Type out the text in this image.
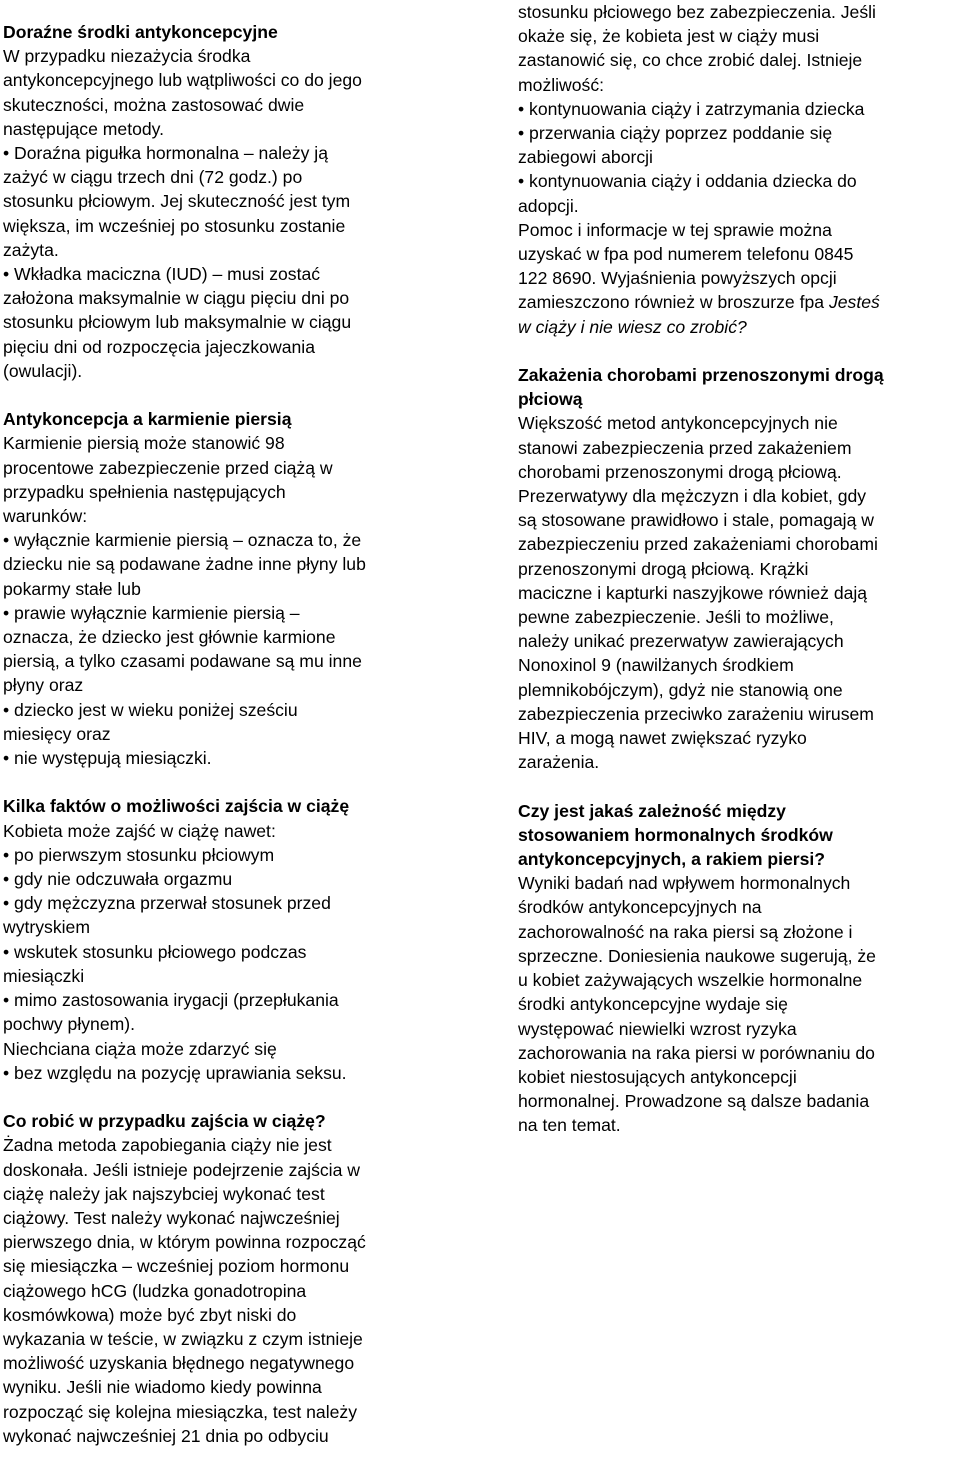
Doraźne środki antykoncepcyjne
W przypadku niezażycia środka
antykoncepcyjnego lub wątpliwości co do jego
skuteczności, można zastosować dwie
następujące metody.
• Doraźna pigułka hormonalna – należy ją
zażyć w ciągu trzech dni (72 godz.) po
stosunku płciowym. Jej skuteczność jest tym
większa, im wcześniej po stosunku zostanie
zażyta.
• Wkładka maciczna (IUD) – musi zostać
założona maksymalnie w ciągu pięciu dni po
stosunku płciowym lub maksymalnie w ciągu
pięciu dni od rozpoczęcia jajeczkowania
(owulacji).
Antykoncepcja a karmienie piersią
Karmienie piersią może stanowić 98
procentowe zabezpieczenie przed ciążą w
przypadku spełnienia następujących
warunków:
• wyłącznie karmienie piersią – oznacza to, że
dziecku nie są podawane żadne inne płyny lub
pokarmy stałe lub
• prawie wyłącznie karmienie piersią –
oznacza, że dziecko jest głównie karmione
piersią, a tylko czasami podawane są mu inne
płyny oraz
• dziecko jest w wieku poniżej sześciu
miesięcy oraz
• nie występują miesiączki.
Kilka faktów o możliwości zajścia w ciążę
Kobieta może zajść w ciążę nawet:
• po pierwszym stosunku płciowym
• gdy nie odczuwała orgazmu
• gdy mężczyzna przerwał stosunek przed
wytryskiem
• wskutek stosunku płciowego podczas
miesiączki
• mimo zastosowania irygacji (przepłukania
pochwy płynem).
Niechciana ciąża może zdarzyć się
• bez względu na pozycję uprawiania seksu.
Co robić w przypadku zajścia w ciążę?
Żadna metoda zapobiegania ciąży nie jest
doskonała. Jeśli istnieje podejrzenie zajścia w
ciążę należy jak najszybciej wykonać test
ciążowy. Test należy wykonać najwcześniej
pierwszego dnia, w którym powinna rozpocząć
się miesiączka – wcześniej poziom hormonu
ciążowego hCG (ludzka gonadotropina
kosmówkowa) może być zbyt niski do
wykazania w teście, w związku z czym istnieje
możliwość uzyskania błędnego negatywnego
wyniku. Jeśli nie wiadomo kiedy powinna
rozpocząć się kolejna miesiączka, test należy
wykonać najwcześniej 21 dnia po odbyciu
stosunku płciowego bez zabezpieczenia. Jeśli
okaże się, że kobieta jest w ciąży musi
zastanowić się, co chce zrobić dalej. Istnieje
możliwość:
• kontynuowania ciąży i zatrzymania dziecka
• przerwania ciąży poprzez poddanie się
zabiegowi aborcji
• kontynuowania ciąży i oddania dziecka do
adopcji.
Pomoc i informacje w tej sprawie można
uzyskać w fpa pod numerem telefonu 0845
122 8690. Wyjaśnienia powyższych opcji
zamieszczono również w broszurze fpa Jesteś
w ciąży i nie wiesz co zrobić?
Zakażenia chorobami przenoszonymi drogą
płciową
Większość metod antykoncepcyjnych nie
stanowi zabezpieczenia przed zakażeniem
chorobami przenoszonymi drogą płciową.
Prezerwatywy dla mężczyzn i dla kobiet, gdy
są stosowane prawidłowo i stale, pomagają w
zabezpieczeniu przed zakażeniami chorobami
przenoszonymi drogą płciową. Krążki
maciczne i kapturki naszyjkowe również dają
pewne zabezpieczenie. Jeśli to możliwe,
należy unikać prezerwatyw zawierających
Nonoxinol 9 (nawilżanych środkiem
plemnikobójczym), gdyż nie stanowią one
zabezpieczenia przeciwko zarażeniu wirusem
HIV, a mogą nawet zwiększać ryzyko
zarażenia.
Czy jest jakaś zależność między
stosowaniem hormonalnych środków
antykoncepcyjnych, a rakiem piersi?
Wyniki badań nad wpływem hormonalnych
środków antykoncepcyjnych na
zachorowalność na raka piersi są złożone i
sprzeczne. Doniesienia naukowe sugerują, że
u kobiet zażywających wszelkie hormonalne
środki antykoncepcyjne wydaje się
występować niewielki wzrost ryzyka
zachorowania na raka piersi w porównaniu do
kobiet niestosujących antykoncepcji
hormonalnej. Prowadzone są dalsze badania
na ten temat.
